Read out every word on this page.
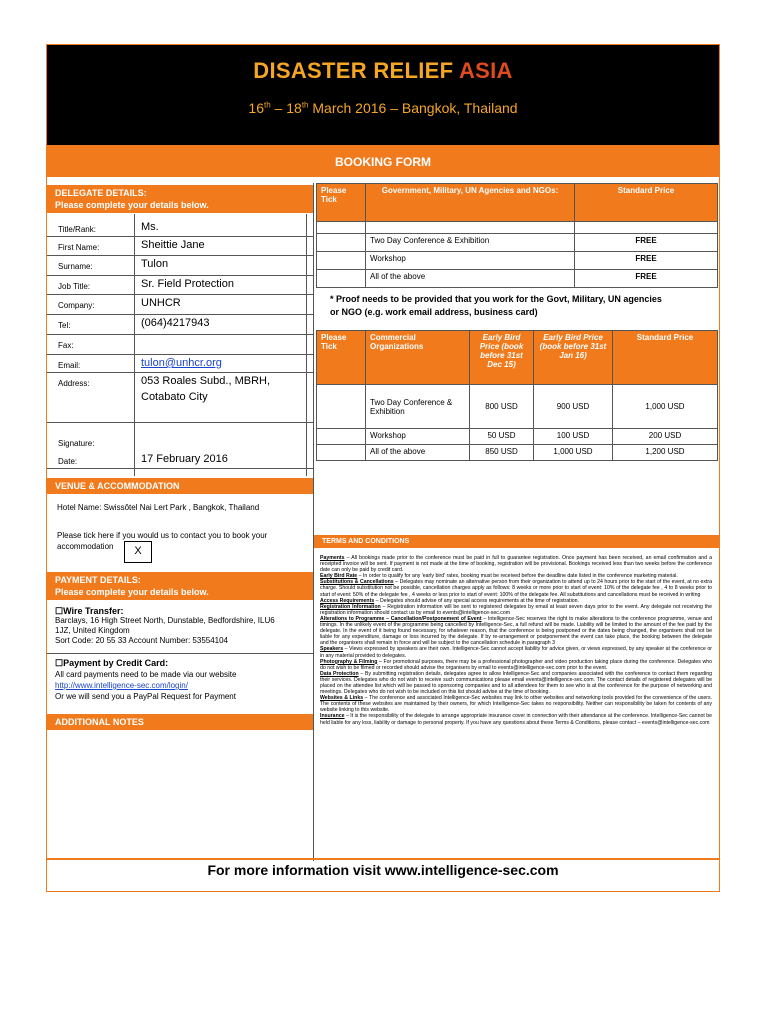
DISASTER RELIEF ASIA
16th – 18th March 2016 – Bangkok, Thailand
BOOKING FORM
DELEGATE DETAILS:
Please complete your details below.
Title/Rank:	Ms.
First Name:	Sheittie Jane
Surname:	Tulon
Job Title:	Sr. Field Protection
Company:	UNHCR
Tel:	(064)4217943
Fax:
Email:	tulon@unhcr.org
Address:	053 Roales Subd., MBRH,
Cotabato City
Signature:
Date:	17 February 2016
VENUE & ACCOMMODATION
Hotel Name: Swissôtel Nai Lert Park , Bangkok, Thailand
Please tick here if you would us to contact you to book your
accommodation	X
PAYMENT DETAILS:
Please complete your details below.
☐Wire Transfer:
Barclays, 16 High Street North, Dunstable, Bedfordshire, ILU6
1JZ, United Kingdom
Sort Code: 20 55 33 Account Number: 53554104
☐Payment by Credit Card:
All card payments need to be made via our website
http://www.intelligence-sec.com/login/
Or we will send you a PayPal Request for Payment
ADDITIONAL NOTES
Please Tick	Government, Military, UN Agencies and NGOs:	Standard Price

	Two Day Conference & Exhibition	FREE
	Workshop	FREE
	All of the above	FREE
* Proof needs to be provided that you work for the Govt, Military, UN agencies
or NGO (e.g. work email address, business card)
Please Tick	Commercial Organizations	Early Bird Price (book before 31st Dec 15)	Early Bird Price (book before 31st Jan 16)	Standard Price
	Two Day Conference & Exhibition	800 USD	900 USD	1,000 USD
	Workshop	50 USD	100 USD	200 USD
	All of the above	850 USD	1,000 USD	1,200 USD
TERMS AND CONDITIONS
Payments – All bookings made prior to the conference must be paid in full to guarantee registration. Once payment has been received, an email confirmation and a receipted invoice will be sent. If payment is not made at the time of booking, registration will be provisional. Bookings received less than two weeks before the conference date can only be paid by credit card.
Early Bird Rate – In order to qualify for any 'early bird' rates, booking must be received before the deadline date listed in the conference marketing material.
Substitutions & Cancellations – Delegates may nominate an alternative person from their organization to attend up to 24 hours prior to the start of the event, at no extra charge. Should substitution not be possible, cancellation charges apply as follows: 8 weeks or more prior to start of event: 10% of the delegate fee , 4 to 8 weeks prior to start of event: 50% of the delegate fee , 4 weeks or less prior to start of event: 100% of the delegate fee. All substitutions and cancellations must be received in writing
Access Requirements – Delegates should advise of any special access requirements at the time of registration.
Registration Information – Registration information will be sent to registered delegates by email at least seven days prior to the event. Any delegate not receiving the registration information should contact us by email to events@intelligence-sec.com
Alterations to Programme – Cancellation/Postponement of Event – Intelligence-Sec reserves the right to make alterations to the conference programme, venue and timings. In the unlikely event of the programme being cancelled by Intelligence-Sec, a full refund will be made. Liability will be limited to the amount of the fee paid by the delegate. In the event of it being found necessary, for whatever reason, that the conference is being postponed or the dates being changed, the organisers shall not be liable for any expenditure, damage or loss incurred by the delegate. If by re-arrangement or postponement the event can take place, the booking between the delegate and the organisers shall remain in force and will be subject to the cancellation schedule in paragraph 3
Speakers – Views expressed by speakers are their own. Intelligence-Sec cannot accept liability for advice given, or views expressed, by any speaker at the conference or in any material provided to delegates.
Photography & Filming – For promotional purposes, there may be a professional photographer and video production taking place during the conference. Delegates who do not wish to be filmed or recorded should advise the organisers by email to events@intelligence-sec.com prior to the event.
Data Protection – By submitting registration details, delegates agree to allow Intelligence-Sec and companies associated with the conference to contact them regarding their services. Delegates who do not wish to receive such communications please email events@intelligence-sec.com. The contact details of registered delegates will be placed on the attendee list which will be passed to sponsoring companies and to all attendees for them to see who is at the conference for the purpose of networking and meetings. Delegates who do not wish to be included on this list should advise at the time of booking.
Websites & Links – The conference and associated Intelligence-Sec websites may link to other websites and networking tools provided for the convenience of the users. The contents of these websites are maintained by their owners, for which Intelligence-Sec takes no responsibility. Neither can responsibility be taken for contents of any website linking to this website.
Insurance – It is the responsibility of the delegate to arrange appropriate insurance cover in connection with their attendance at the conference. Intelligence-Sec cannot be held liable for any loss, liability or damage to personal property. If you have any questions about these Terms & Conditions, please contact – events@intelligence-sec.com
For more information visit www.intelligence-sec.com
